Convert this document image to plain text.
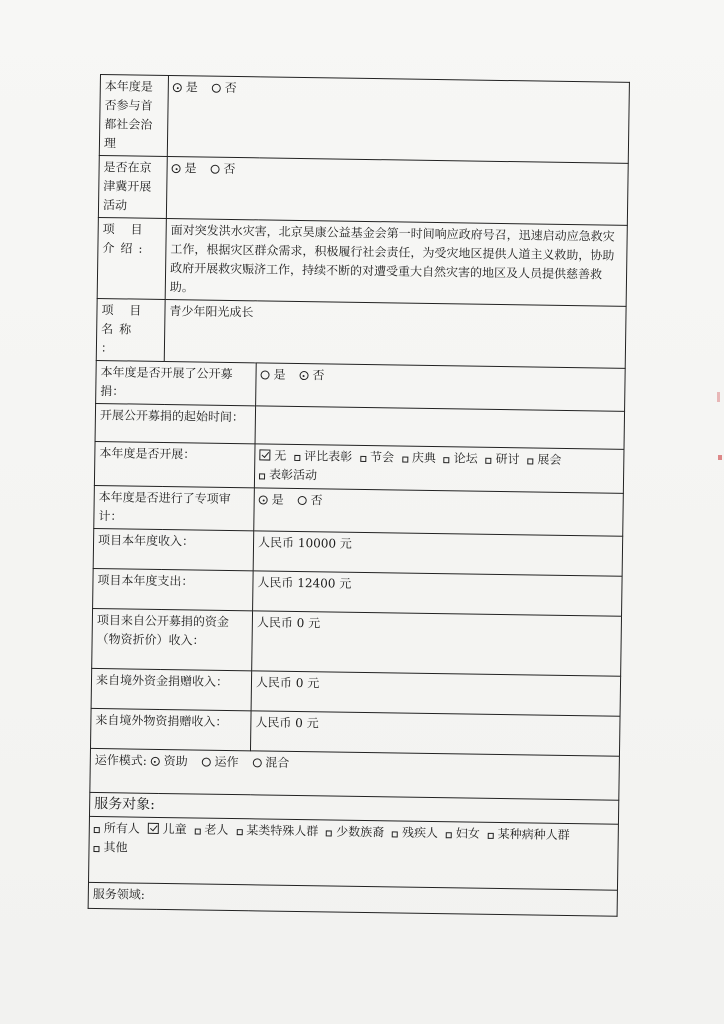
本年度是否参与首都社会治理	是 否	
是否在京津冀开展活动	是 否	
项 目 介绍:	面对突发洪水灾害，北京昊康公益基金会第一时间响应政府号召，迅速启动应急救灾工作，根据灾区群众需求，积极履行社会责任，为受灾地区提供人道主义救助，协助政府开展救灾赈济工作，持续不断的对遭受重大自然灾害的地区及人员提供慈善救助。	
项 目 名称 ：	青少年阳光成长	
本年度是否开展了公开募捐：		是 否
开展公开募捐的起始时间：		
本年度是否开展：		无 评比表彰 节会 庆典 论坛 研讨 展会 表彰活动
本年度是否进行了专项审计：		是 否
项目本年度收入：		人民币 10000 元
项目本年度支出：		人民币 12400 元
项目来自公开募捐的资金（物资折价）收入：		人民币 0 元
来自境外资金捐赠收入：		人民币 0 元
来自境外物资捐赠收入：		人民币 0 元
运作模式: 资助 运作 混合		
服务对象:		
所有人 儿童 老人 某类特殊人群 少数族裔 残疾人 妇女 某种病种人群 其他		
服务领域:		
